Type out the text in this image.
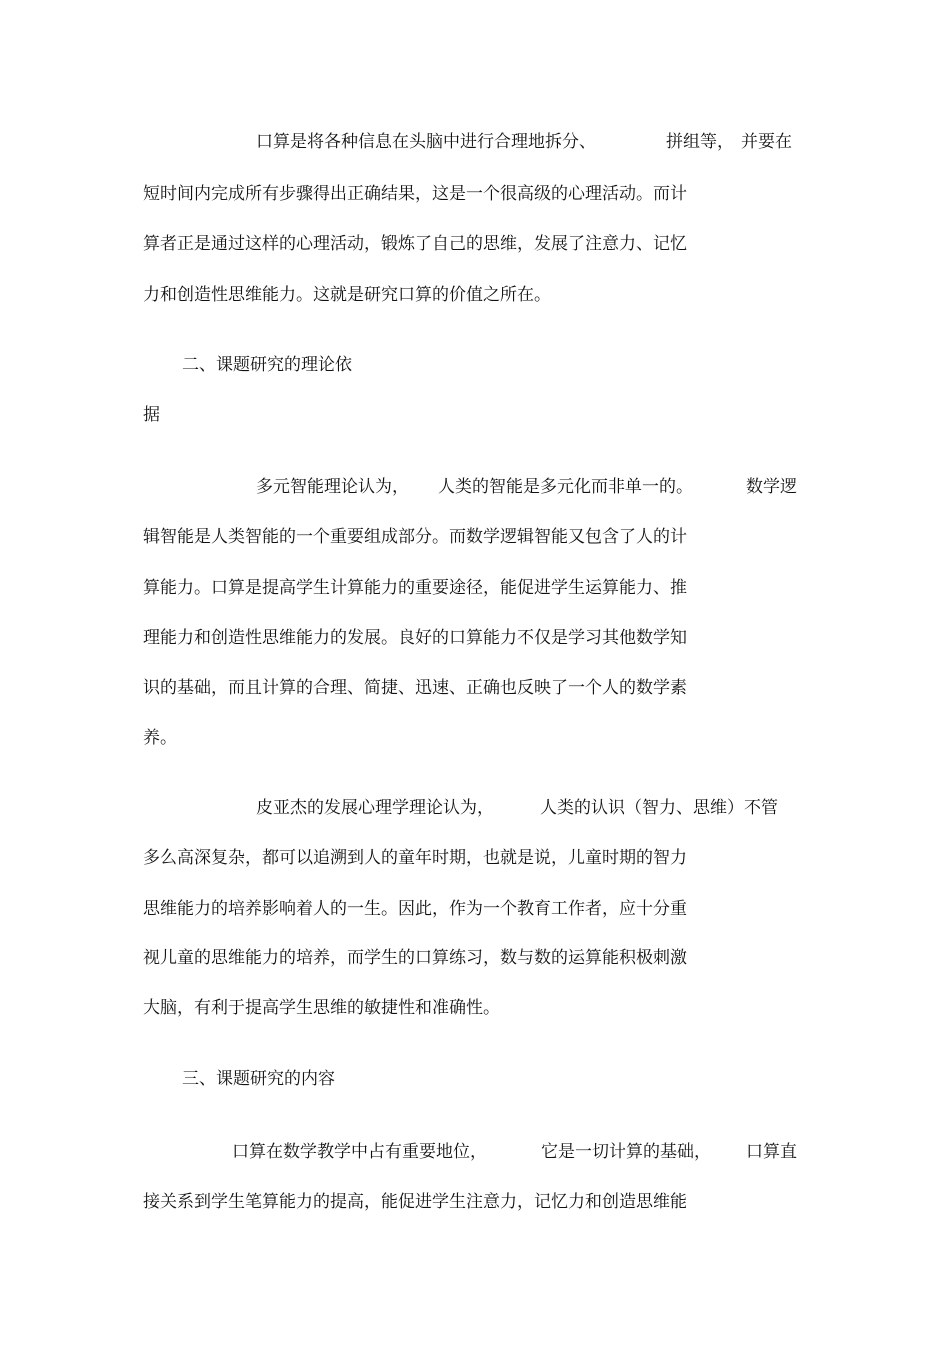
口算是将各种信息在头脑中进行合理地拆分、

	拼组等，

并要在

短时间内完成所有步骤得出正确结果，这是一个很高级的心理活动。而计

算者正是通过这样的心理活动，锻炼了自己的思维，发展了注意力、记忆

力和创造性思维能力。这就是研究口算的价值之所在。

二、课题研究的理论依

据

多元智能理论认为，

人类的智能是多元化而非单一的。

	数学逻

辑智能是人类智能的一个重要组成部分。而数学逻辑智能又包含了人的计

算能力。口算是提高学生计算能力的重要途径，能促进学生运算能力、推

理能力和创造性思维能力的发展。良好的口算能力不仅是学习其他数学知

识的基础，而且计算的合理、简捷、迅速、正确也反映了一个人的数学素

养。

皮亚杰的发展心理学理论认为，

	人类的认识（智力、思维）不管

多么高深复杂，都可以追溯到人的童年时期，也就是说，儿童时期的智力

思维能力的培养影响着人的一生。因此，作为一个教育工作者，应十分重

视儿童的思维能力的培养，而学生的口算练习，数与数的运算能积极刺激

大脑，有利于提高学生思维的敏捷性和准确性。

三、课题研究的内容

口算在数学教学中占有重要地位，

	它是一切计算的基础，

口算直

接关系到学生笔算能力的提高，能促进学生注意力，记忆力和创造思维能
